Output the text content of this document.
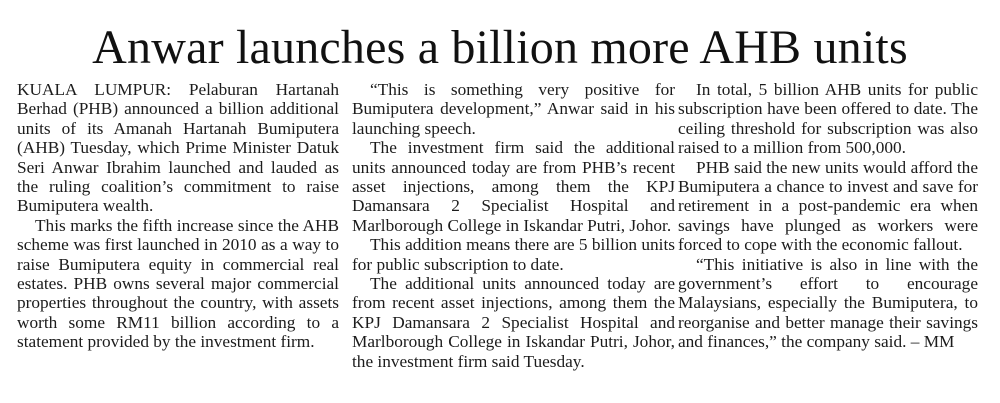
Anwar launches a billion more AHB units

KUALA LUMPUR: Pelaburan Hartanah Berhad (PHB) announced a billion additional units of its Amanah Hartanah Bumiputera (AHB) Tuesday, which Prime Minister Datuk Seri Anwar Ibrahim launched and lauded as the ruling coalition’s commitment to raise Bumiputera wealth.

This marks the fifth increase since the AHB scheme was first launched in 2010 as a way to raise Bumiputera equity in commercial real estates. PHB owns several major commercial properties throughout the country, with assets worth some RM11 billion according to a statement provided by the investment firm.

“This is something very positive for Bumiputera development,” Anwar said in his launching speech.

The investment firm said the additional units announced today are from PHB’s recent asset injections, among them the KPJ Damansara 2 Specialist Hospital and Marlborough College in Iskandar Putri, Johor.

This addition means there are 5 billion units for public subscription to date.

The additional units announced today are from recent asset injections, among them the KPJ Damansara 2 Specialist Hospital and Marlborough College in Iskandar Putri, Johor, the investment firm said Tuesday.

In total, 5 billion AHB units for public subscription have been offered to date. The ceiling threshold for subscription was also raised to a million from 500,000.

PHB said the new units would afford the Bumiputera a chance to invest and save for retirement in a post-pandemic era when savings have plunged as workers were forced to cope with the economic fallout.

“This initiative is also in line with the government’s effort to encourage Malaysians, especially the Bumiputera, to reorganise and better manage their savings and finances,” the company said. – MM
